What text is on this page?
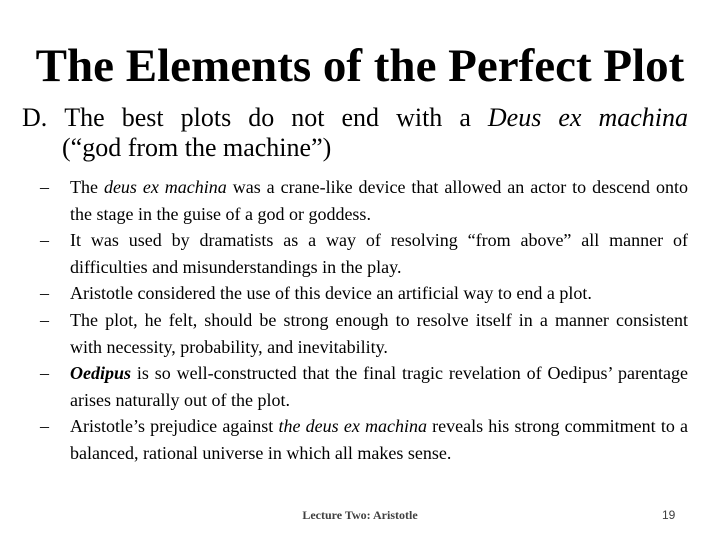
The Elements of the Perfect Plot
D. The best plots do not end with a Deus ex machina
(“god from the machine”)
– The deus ex machina was a crane-like device that allowed an actor to descend onto the stage in the guise of a god or goddess.
– It was used by dramatists as a way of resolving “from above” all manner of difficulties and misunderstandings in the play.
– Aristotle considered the use of this device an artificial way to end a plot.
– The plot, he felt, should be strong enough to resolve itself in a manner consistent with necessity, probability, and inevitability.
– Oedipus is so well-constructed that the final tragic revelation of Oedipus’ parentage arises naturally out of the plot.
– Aristotle’s prejudice against the deus ex machina reveals his strong commitment to a balanced, rational universe in which all makes sense.
Lecture Two: Aristotle	19
